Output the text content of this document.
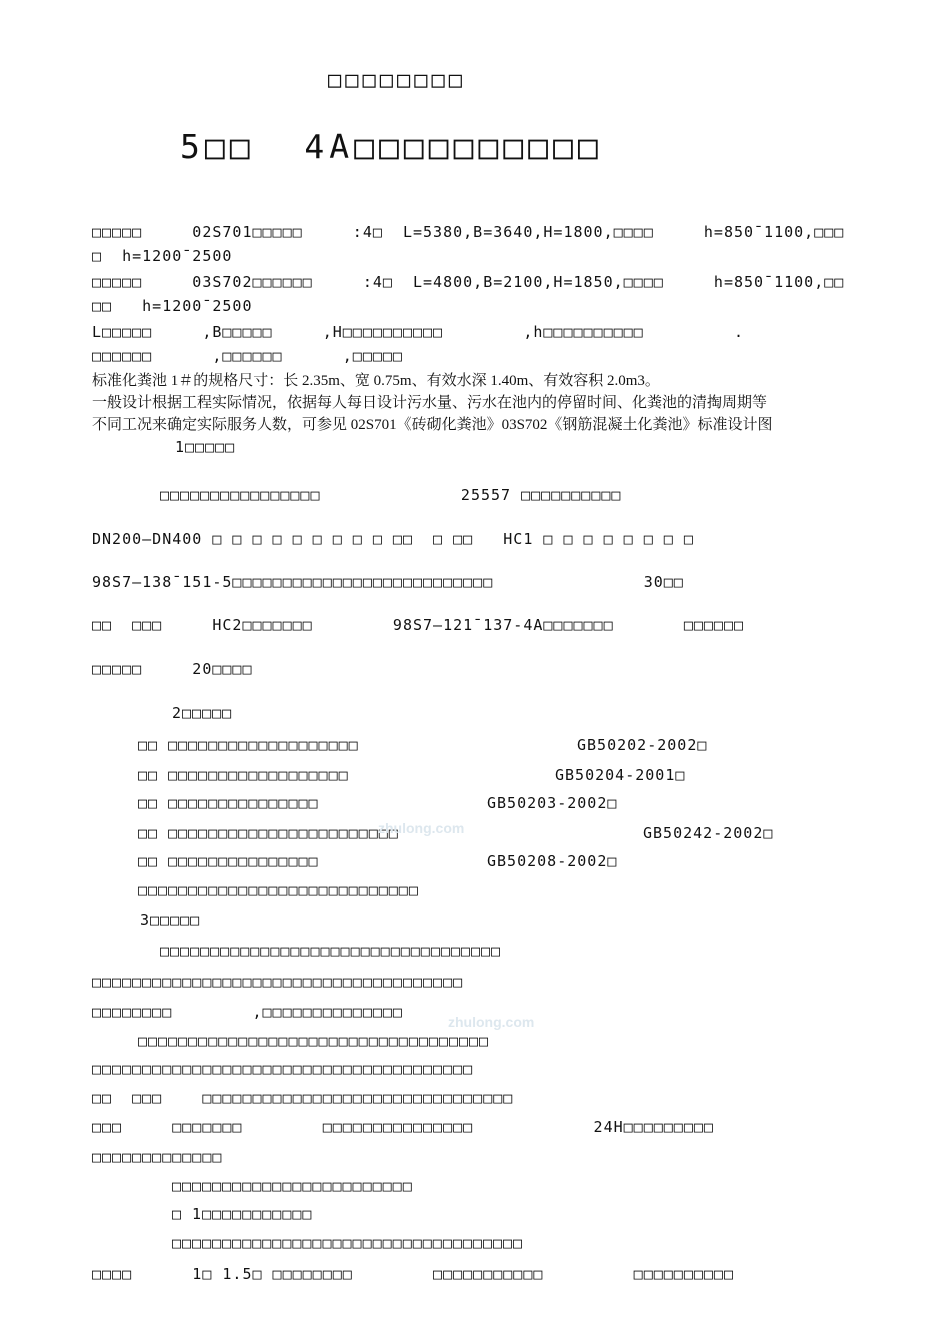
□□□□□□□□
5□□  4A□□□□□□□□□□
□□□□□     02S701□□□□□     :4□  L=5380,B=3640,H=1800,□□□□     h=850¯1100,□□□
□  h=1200¯2500
□□□□□     03S702□□□□□□     :4□  L=4800,B=2100,H=1850,□□□□     h=850¯1100,□□
□□   h=1200¯2500
L□□□□□     ,B□□□□□     ,H□□□□□□□□□□        ,h□□□□□□□□□□         .
□□□□□□      ,□□□□□□      ,□□□□□
标准化粪池 1＃的规格尺寸：长 2.35m、宽 0.75m、有效水深 1.40m、有效容积 2.0m3。
一般设计根据工程实际情况，依据每人每日设计污水量、污水在池内的停留时间、化粪池的清掏周期等
不同工况来确定实际服务人数，可参见 02S701《砖砌化粪池》03S702《钢筋混凝土化粪池》标准设计图
1□□□□□
□□□□□□□□□□□□□□□□              25557 □□□□□□□□□□
DN200—DN400 □ □ □ □ □ □ □ □ □ □□  □ □□   HC1 □ □ □ □ □ □ □ □
98S7—138¯151-5□□□□□□□□□□□□□□□□□□□□□□□□□□               30□□
□□  □□□     HC2□□□□□□□        98S7—121¯137-4A□□□□□□□       □□□□□□
□□□□□     20□□□□
2□□□□□
□□ □□□□□□□□□□□□□□□□□□□	GB50202-2002□
□□ □□□□□□□□□□□□□□□□□□	GB50204-2001□
□□ □□□□□□□□□□□□□□□	GB50203-2002□
□□ □□□□□□□□□□□□□□□□□□□□□□□	GB50242-2002□
□□ □□□□□□□□□□□□□□□	GB50208-2002□
□□□□□□□□□□□□□□□□□□□□□□□□□□□□
3□□□□□
□□□□□□□□□□□□□□□□□□□□□□□□□□□□□□□□□□
□□□□□□□□□□□□□□□□□□□□□□□□□□□□□□□□□□□□□
□□□□□□□□        ,□□□□□□□□□□□□□□
□□□□□□□□□□□□□□□□□□□□□□□□□□□□□□□□□□□
□□□□□□□□□□□□□□□□□□□□□□□□□□□□□□□□□□□□□□
□□  □□□    □□□□□□□□□□□□□□□□□□□□□□□□□□□□□□□
□□□     □□□□□□□        □□□□□□□□□□□□□□□            24H□□□□□□□□□
□□□□□□□□□□□□□
□□□□□□□□□□□□□□□□□□□□□□□□
□ 1□□□□□□□□□□□
□□□□□□□□□□□□□□□□□□□□□□□□□□□□□□□□□□□
□□□□      1□ 1.5□ □□□□□□□□        □□□□□□□□□□□         □□□□□□□□□□
zhulong.com
zhulong.com
